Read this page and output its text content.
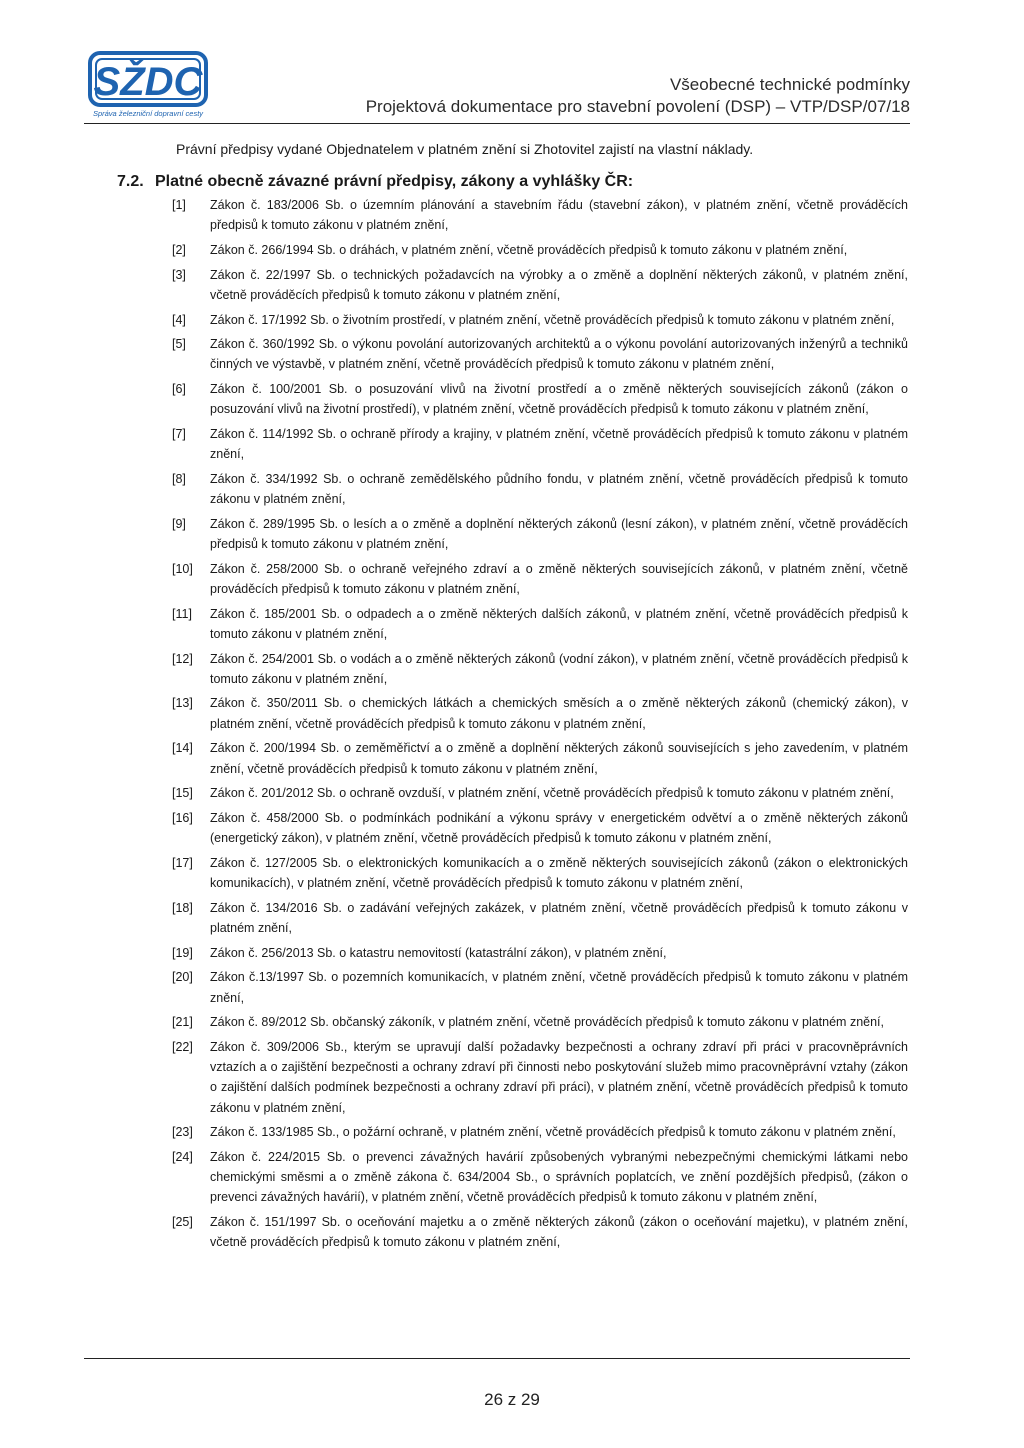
SŽDC
Správa železniční dopravní cesty
Všeobecné technické podmínky
Projektová dokumentace pro stavební povolení (DSP) – VTP/DSP/07/18
Právní předpisy vydané Objednatelem v platném znění si Zhotovitel zajistí na vlastní náklady.
7.2. Platné obecně závazné právní předpisy, zákony a vyhlášky ČR:
[1]	Zákon č. 183/2006 Sb. o územním plánování a stavebním řádu (stavební zákon), v platném znění, včetně prováděcích předpisů k tomuto zákonu v platném znění,
[2]	Zákon č. 266/1994 Sb. o dráhách, v platném znění, včetně prováděcích předpisů k tomuto zákonu v platném znění,
[3]	Zákon č. 22/1997 Sb. o technických požadavcích na výrobky a o změně a doplnění některých zákonů, v platném znění, včetně prováděcích předpisů k tomuto zákonu v platném znění,
[4]	Zákon č. 17/1992 Sb. o životním prostředí, v platném znění, včetně prováděcích předpisů k tomuto zákonu v platném znění,
[5]	Zákon č. 360/1992 Sb. o výkonu povolání autorizovaných architektů a o výkonu povolání autorizovaných inženýrů a techniků činných ve výstavbě, v platném znění, včetně prováděcích předpisů k tomuto zákonu v platném znění,
[6]	Zákon č. 100/2001 Sb. o posuzování vlivů na životní prostředí a o změně některých souvisejících zákonů (zákon o posuzování vlivů na životní prostředí), v platném znění, včetně prováděcích předpisů k tomuto zákonu v platném znění,
[7]	Zákon č. 114/1992 Sb. o ochraně přírody a krajiny, v platném znění, včetně prováděcích předpisů k tomuto zákonu v platném znění,
[8]	Zákon č. 334/1992 Sb. o ochraně zemědělského půdního fondu, v platném znění, včetně prováděcích předpisů k tomuto zákonu v platném znění,
[9]	Zákon č. 289/1995 Sb. o lesích a o změně a doplnění některých zákonů (lesní zákon), v platném znění, včetně prováděcích předpisů k tomuto zákonu v platném znění,
[10]	Zákon č. 258/2000 Sb. o ochraně veřejného zdraví a o změně některých souvisejících zákonů, v platném znění, včetně prováděcích předpisů k tomuto zákonu v platném znění,
[11]	Zákon č. 185/2001 Sb. o odpadech a o změně některých dalších zákonů, v platném znění, včetně prováděcích předpisů k tomuto zákonu v platném znění,
[12]	Zákon č. 254/2001 Sb. o vodách a o změně některých zákonů (vodní zákon), v platném znění, včetně prováděcích předpisů k tomuto zákonu v platném znění,
[13]	Zákon č. 350/2011 Sb. o chemických látkách a chemických směsích a o změně některých zákonů (chemický zákon), v platném znění, včetně prováděcích předpisů k tomuto zákonu v platném znění,
[14]	Zákon č. 200/1994 Sb. o zeměměřictví a o změně a doplnění některých zákonů souvisejících s jeho zavedením, v platném znění, včetně prováděcích předpisů k tomuto zákonu v platném znění,
[15]	Zákon č. 201/2012 Sb. o ochraně ovzduší, v platném znění, včetně prováděcích předpisů k tomuto zákonu v platném znění,
[16]	Zákon č. 458/2000 Sb. o podmínkách podnikání a výkonu správy v energetickém odvětví a o změně některých zákonů (energetický zákon), v platném znění, včetně prováděcích předpisů k tomuto zákonu v platném znění,
[17]	Zákon č. 127/2005 Sb. o elektronických komunikacích a o změně některých souvisejících zákonů (zákon o elektronických komunikacích), v platném znění, včetně prováděcích předpisů k tomuto zákonu v platném znění,
[18]	Zákon č. 134/2016 Sb. o zadávání veřejných zakázek, v platném znění, včetně prováděcích předpisů k tomuto zákonu v platném znění,
[19]	Zákon č. 256/2013 Sb. o katastru nemovitostí (katastrální zákon), v platném znění,
[20]	Zákon č.13/1997 Sb. o pozemních komunikacích, v platném znění, včetně prováděcích předpisů k tomuto zákonu v platném znění,
[21]	Zákon č. 89/2012 Sb. občanský zákoník, v platném znění, včetně prováděcích předpisů k tomuto zákonu v platném znění,
[22]	Zákon č. 309/2006 Sb., kterým se upravují další požadavky bezpečnosti a ochrany zdraví při práci v pracovněprávních vztazích a o zajištění bezpečnosti a ochrany zdraví při činnosti nebo poskytování služeb mimo pracovněprávní vztahy (zákon o zajištění dalších podmínek bezpečnosti a ochrany zdraví při práci), v platném znění, včetně prováděcích předpisů k tomuto zákonu v platném znění,
[23]	Zákon č. 133/1985 Sb., o požární ochraně, v platném znění, včetně prováděcích předpisů k tomuto zákonu v platném znění,
[24]	Zákon č. 224/2015 Sb. o prevenci závažných havárií způsobených vybranými nebezpečnými chemickými látkami nebo chemickými směsmi a o změně zákona č. 634/2004 Sb., o správních poplatcích, ve znění pozdějších předpisů, (zákon o prevenci závažných havárií), v platném znění, včetně prováděcích předpisů k tomuto zákonu v platném znění,
[25]	Zákon č. 151/1997 Sb. o oceňování majetku a o změně některých zákonů (zákon o oceňování majetku), v platném znění, včetně prováděcích předpisů k tomuto zákonu v platném znění,
26 z 29
